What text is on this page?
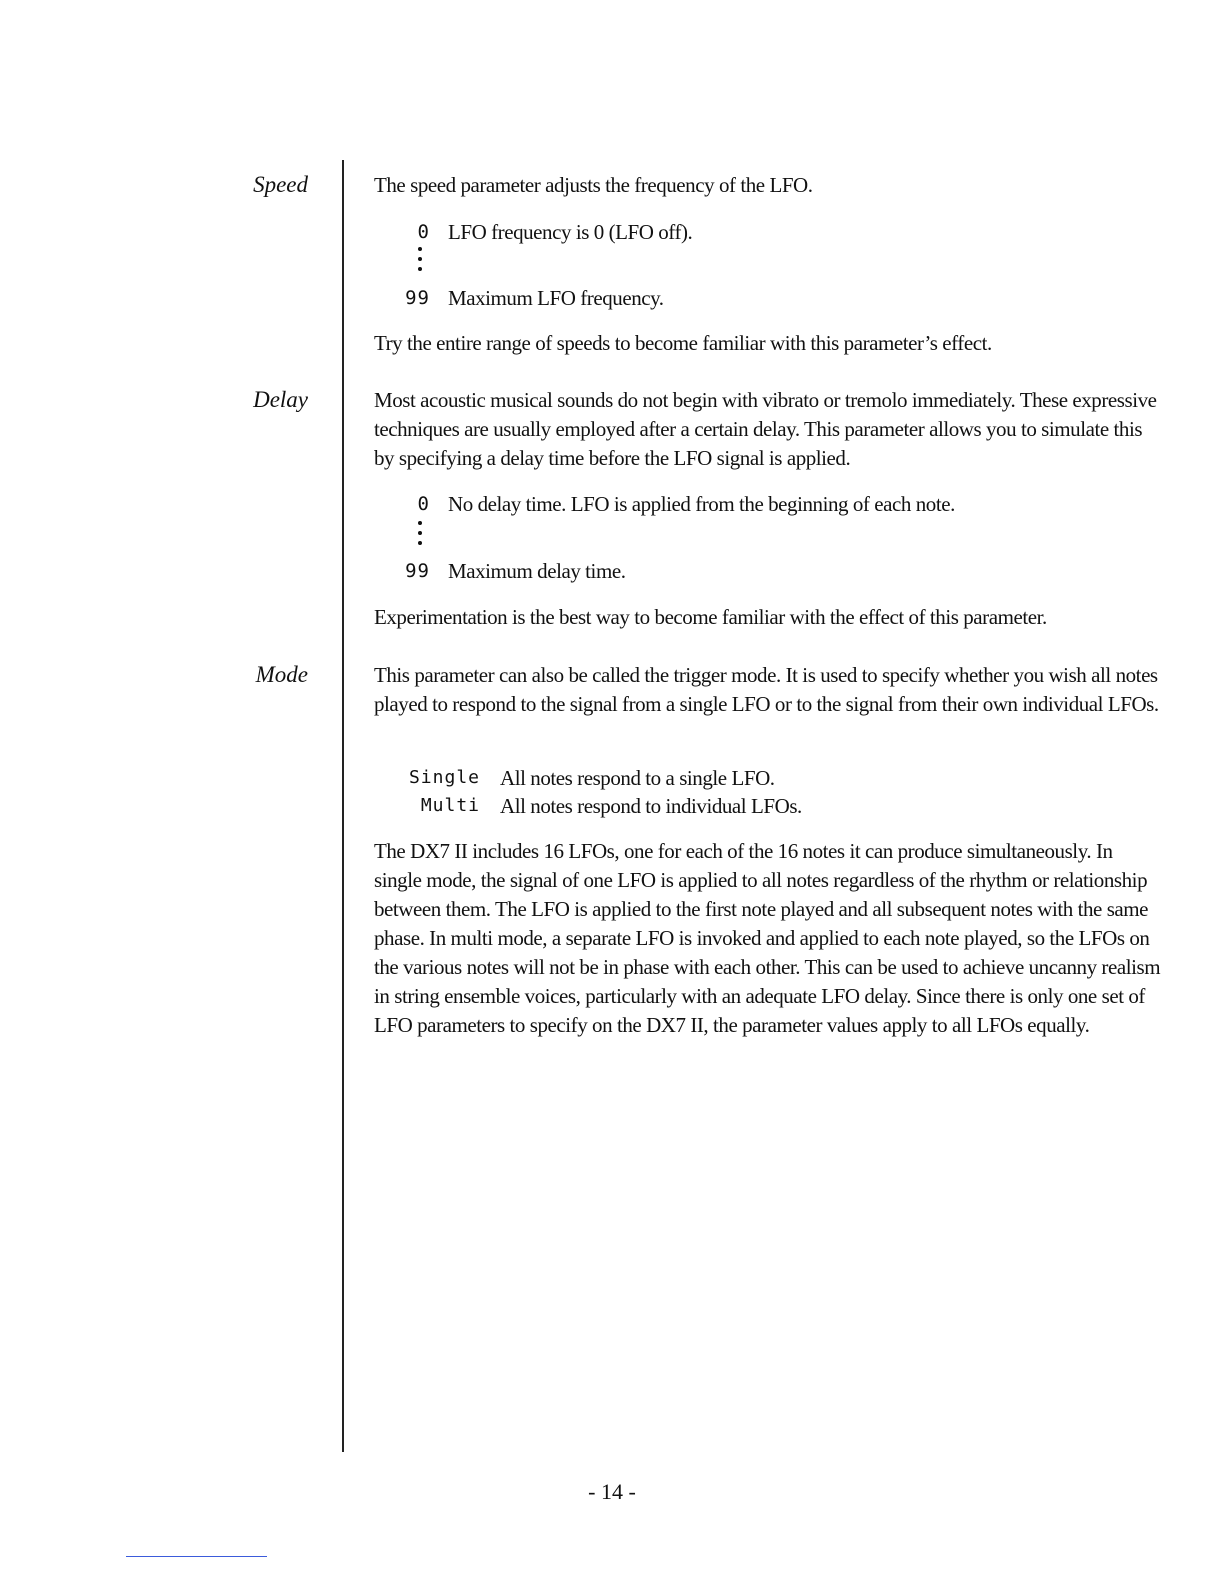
Speed	The speed parameter adjusts the frequency of the LFO.

0 LFO frequency is 0 (LFO off).
99 Maximum LFO frequency.

Try the entire range of speeds to become familiar with this parameter’s effect.

Delay	Most acoustic musical sounds do not begin with vibrato or tremolo immediately. These expressive techniques are usually employed after a certain delay. This parameter allows you to simulate this by specifying a delay time before the LFO signal is applied.

0 No delay time. LFO is applied from the beginning of each note.
99 Maximum delay time.

Experimentation is the best way to become familiar with the effect of this parameter.

Mode	This parameter can also be called the trigger mode. It is used to specify whether you wish all notes played to respond to the signal from a single LFO or to the signal from their own individual LFOs.

Single All notes respond to a single LFO.
Multi All notes respond to individual LFOs.

The DX7 II includes 16 LFOs, one for each of the 16 notes it can produce simultaneously. In single mode, the signal of one LFO is applied to all notes regardless of the rhythm or relationship between them. The LFO is applied to the first note played and all subsequent notes with the same phase. In multi mode, a separate LFO is invoked and applied to each note played, so the LFOs on the various notes will not be in phase with each other. This can be used to achieve uncanny realism in string ensemble voices, particularly with an adequate LFO delay. Since there is only one set of LFO parameters to specify on the DX7 II, the parameter values apply to all LFOs equally.

- 14 -
